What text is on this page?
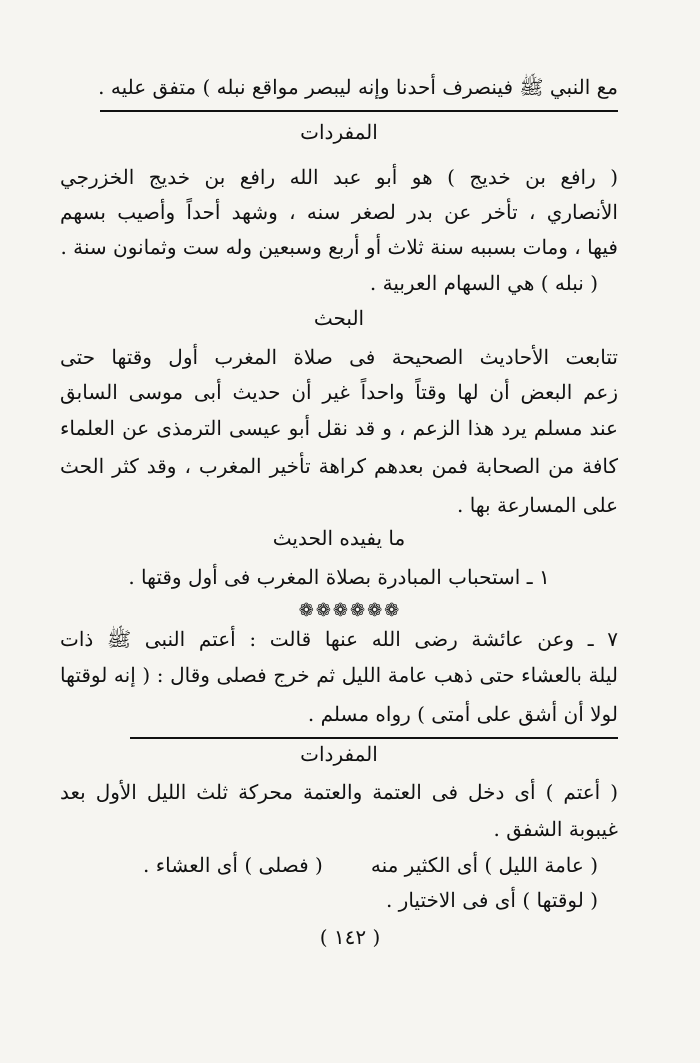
مع النبي ﷺ فينصرف أحدنا وإنه ليبصر مواقع نبله ) متفق عليه .
المفردات
( رافع بن خديج ) هو أبو عبد الله رافع بن خديج الخزرجي
الأنصاري ، تأخر عن بدر لصغر سنه ، وشهد أحداً وأصيب بسهم
فيها ، ومات بسببه سنة ثلاث أو أربع وسبعين وله ست وثمانون سنة .
( نبله ) هي السهام العربية .
البحث
تتابعت الأحاديث الصحيحة فى صلاة المغرب أول وقتها حتى
زعم البعض أن لها وقتاً واحداً غير أن حديث أبى موسى السابق
عند مسلم يرد هذا الزعم ، و قد نقل أبو عيسى الترمذى عن العلماء
كافة من الصحابة فمن بعدهم كراهة تأخير المغرب ، وقد كثر الحث
على المسارعة بها .
ما يفيده الحديث
١ ـ استحباب المبادرة بصلاة المغرب فى أول وقتها .
❁❁❁❁❁❁
٧ ـ وعن عائشة رضى الله عنها قالت : أعتم النبى ﷺ ذات
ليلة بالعشاء حتى ذهب عامة الليل ثم خرج فصلى وقال : ( إنه لوقتها
لولا أن أشق على أمتى ) رواه مسلم .
المفردات
( أعتم ) أى دخل فى العتمة والعتمة محركة ثلث الليل الأول بعد
غيبوبة الشفق .
( عامة الليل ) أى الكثير منه
( فصلى ) أى العشاء .
( لوقتها ) أى فى الاختيار .
( ١٤٢ )
